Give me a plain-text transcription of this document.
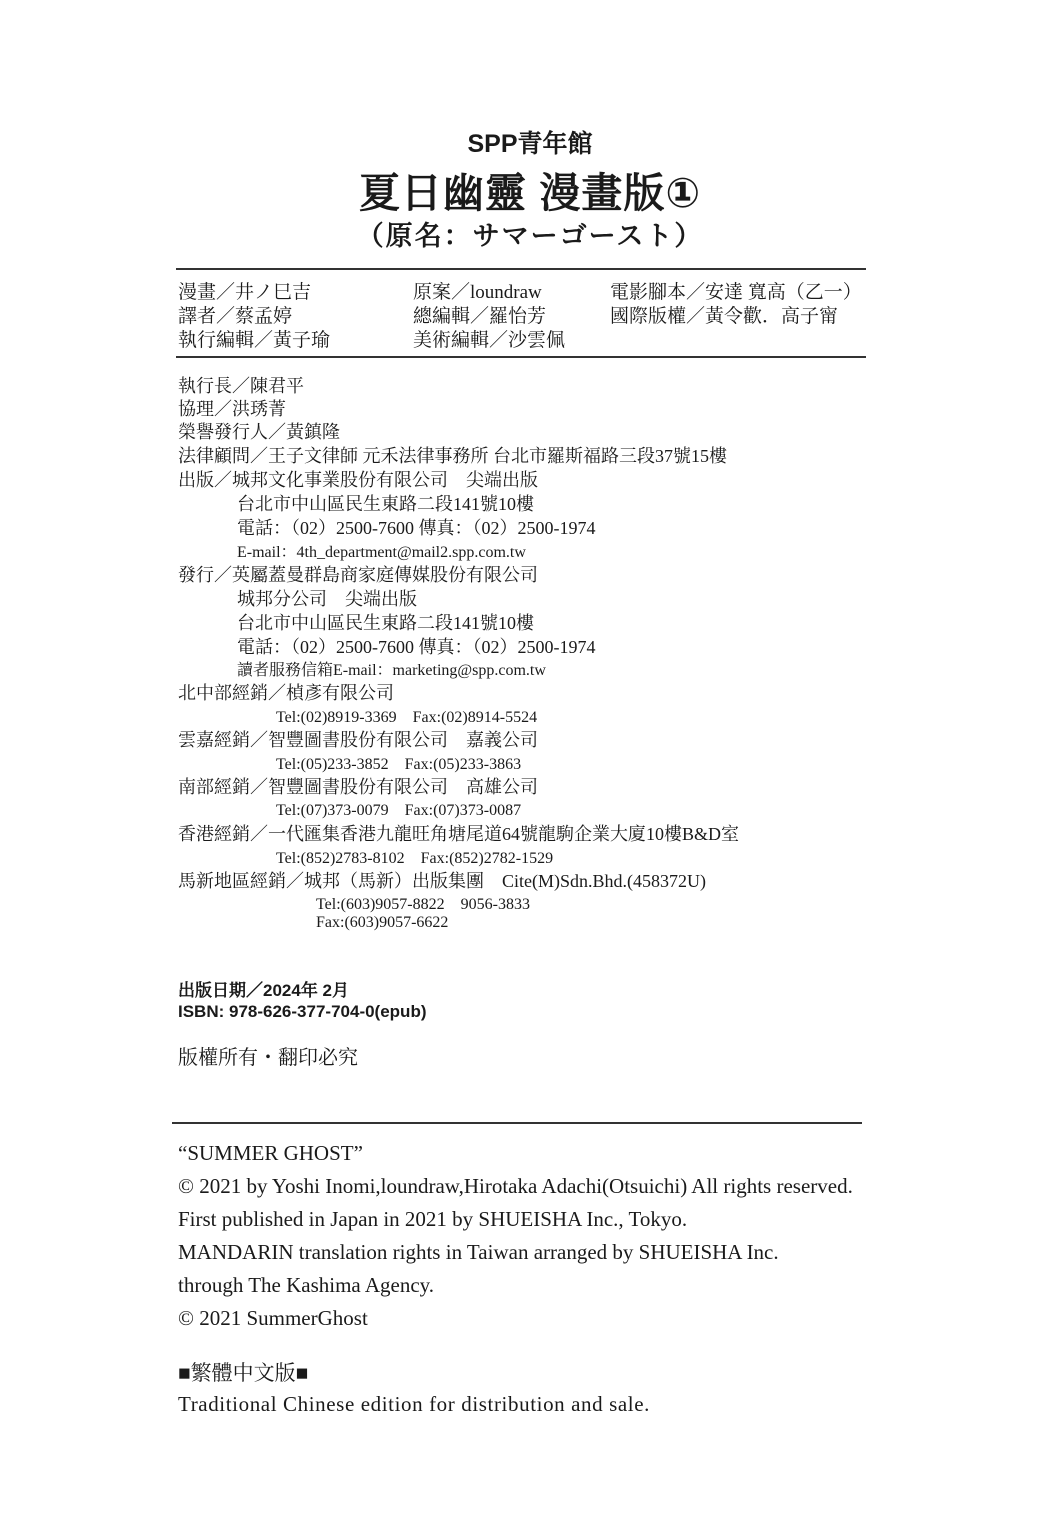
SPP青年館
夏日幽靈 漫畫版①
（原名：サマーゴースト）
漫畫／井ノ巳吉
譯者／蔡孟婷
執行編輯／黃子瑜
原案／loundraw
總編輯／羅怡芳
美術編輯／沙雲佩
電影腳本／安達 寬高（乙一）
國際版權／黃令歡．高子甯
執行長／陳君平
協理／洪琇菁
榮譽發行人／黃鎮隆
法律顧問／王子文律師 元禾法律事務所 台北市羅斯福路三段37號15樓
出版／城邦文化事業股份有限公司　尖端出版
台北市中山區民生東路二段141號10樓
電話：（02）2500-7600 傳真：（02）2500-1974
E-mail：4th_department@mail2.spp.com.tw
發行／英屬蓋曼群島商家庭傳媒股份有限公司
城邦分公司　尖端出版
台北市中山區民生東路二段141號10樓
電話：（02）2500-7600 傳真：（02）2500-1974
讀者服務信箱E-mail：marketing@spp.com.tw
北中部經銷／楨彥有限公司
Tel:(02)8919-3369　Fax:(02)8914-5524
雲嘉經銷／智豐圖書股份有限公司　嘉義公司
Tel:(05)233-3852　Fax:(05)233-3863
南部經銷／智豐圖書股份有限公司　高雄公司
Tel:(07)373-0079　Fax:(07)373-0087
香港經銷／一代匯集香港九龍旺角塘尾道64號龍駒企業大廈10樓B&D室
Tel:(852)2783-8102　Fax:(852)2782-1529
馬新地區經銷／城邦（馬新）出版集團　Cite(M)Sdn.Bhd.(458372U)
Tel:(603)9057-8822　9056-3833
Fax:(603)9057-6622
出版日期／2024年 2月
ISBN: 978-626-377-704-0(epub)
版權所有・翻印必究
“SUMMER GHOST”
© 2021 by Yoshi Inomi,loundraw,Hirotaka Adachi(Otsuichi) All rights reserved.
First published in Japan in 2021 by SHUEISHA Inc., Tokyo.
MANDARIN translation rights in Taiwan arranged by SHUEISHA Inc.
through The Kashima Agency.
© 2021 SummerGhost
■繁體中文版■
Traditional Chinese edition for distribution and sale.
